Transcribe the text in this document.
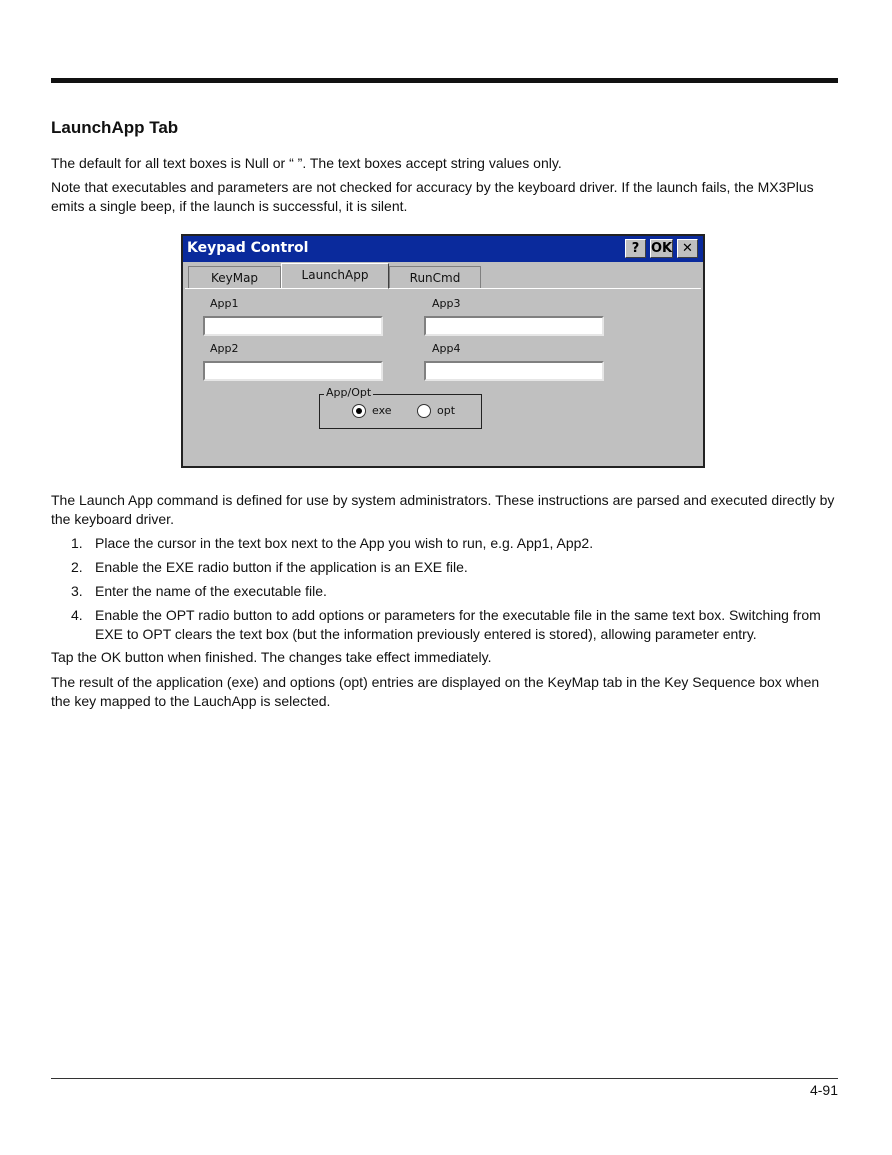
LaunchApp Tab

The default for all text boxes is Null or “ ”. The text boxes accept string values only.

Note that executables and parameters are not checked for accuracy by the keyboard driver. If the launch fails, the MX3Plus emits a single beep, if the launch is successful, it is silent.

Keypad Control	? OK ✕
KeyMap	RunCmd
LaunchApp
App1	App3
App2	App4
App/Opt
exe	opt

The Launch App command is defined for use by system administrators. These instructions are parsed and executed directly by the keyboard driver.

1. Place the cursor in the text box next to the App you wish to run, e.g. App1, App2.
2. Enable the EXE radio button if the application is an EXE file.
3. Enter the name of the executable file.
4. Enable the OPT radio button to add options or parameters for the executable file in the same text box. Switching from EXE to OPT clears the text box (but the information previously entered is stored), allowing parameter entry.

Tap the OK button when finished. The changes take effect immediately.

The result of the application (exe) and options (opt) entries are displayed on the KeyMap tab in the Key Sequence box when the key mapped to the LauchApp is selected.

4-91
